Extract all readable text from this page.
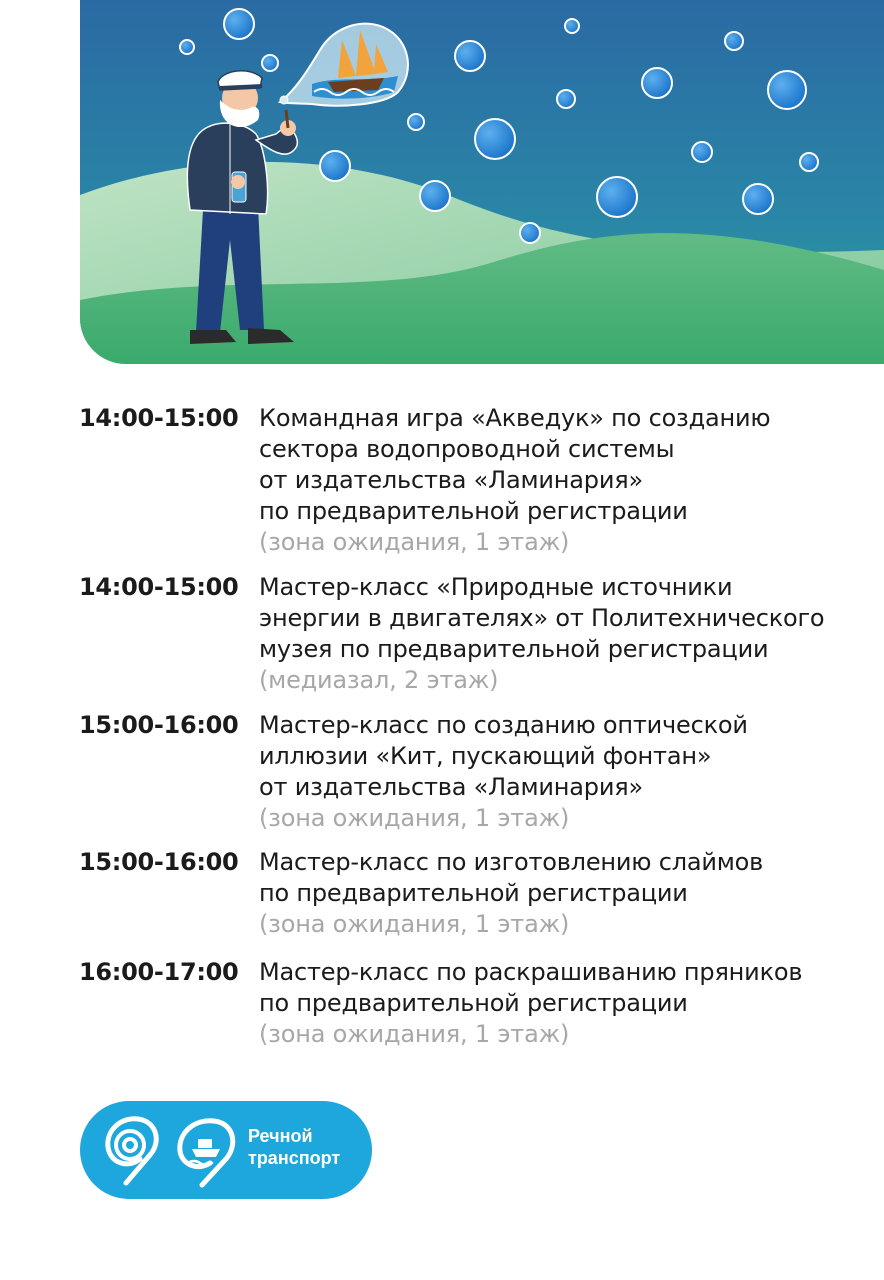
14:00-15:00 Командная игра «Акведук» по созданию
сектора водопроводной системы
от издательства «Ламинария»
по предварительной регистрации
(зона ожидания, 1 этаж)
14:00-15:00 Мастер-класс «Природные источники
энергии в двигателях» от Политехнического
музея по предварительной регистрации
(медиазал, 2 этаж)
15:00-16:00 Мастер-класс по созданию оптической
иллюзии «Кит, пускающий фонтан»
от издательства «Ламинария»
(зона ожидания, 1 этаж)
15:00-16:00 Мастер-класс по изготовлению слаймов
по предварительной регистрации
(зона ожидания, 1 этаж)
16:00-17:00 Мастер-класс по раскрашиванию пряников
по предварительной регистрации
(зона ожидания, 1 этаж)
Речной
транспорт
